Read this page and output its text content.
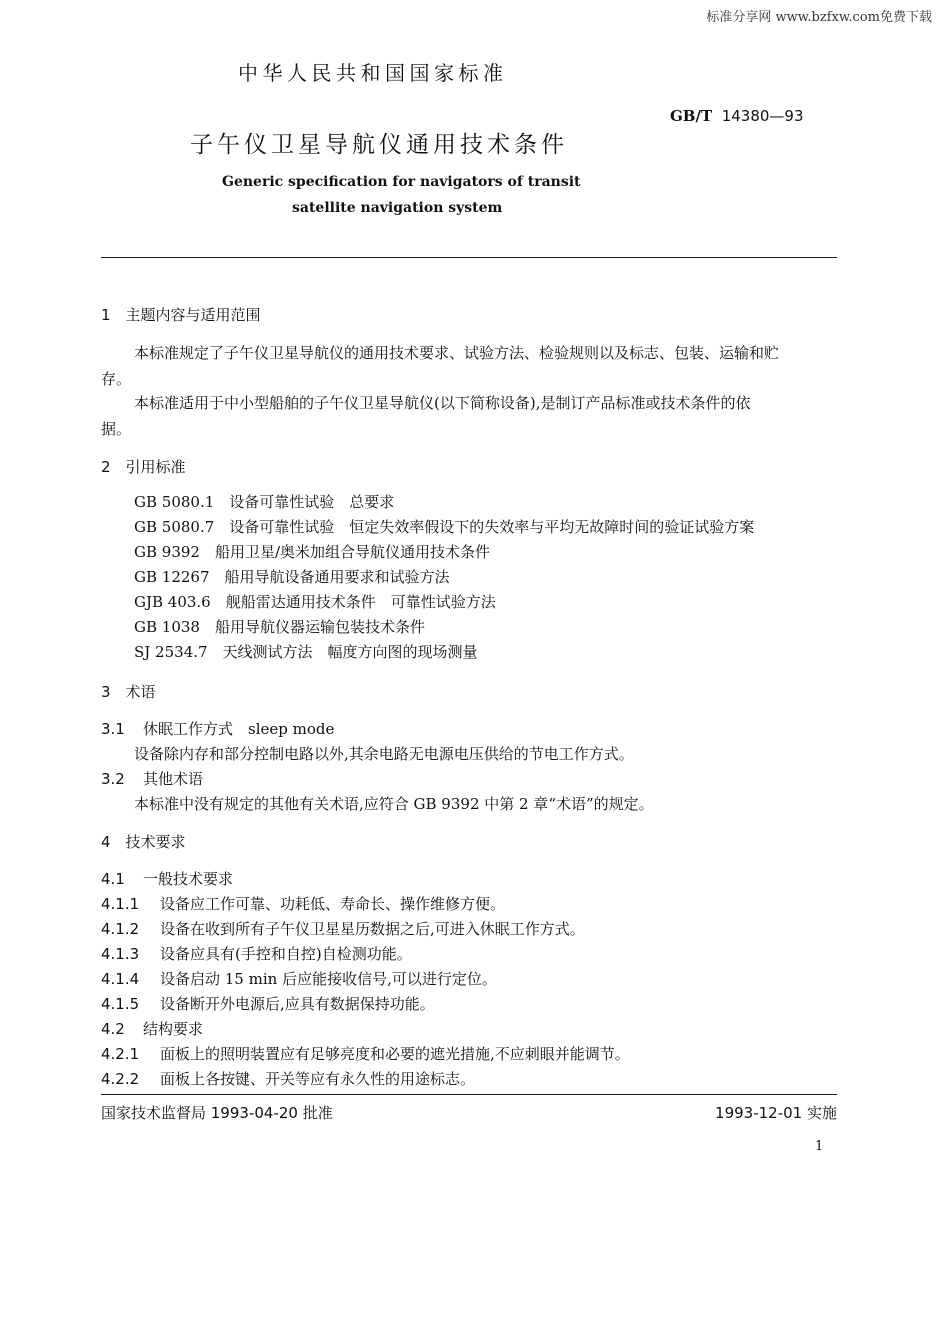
标准分享网 www.bzfxw.com免费下载
中华人民共和国国家标准
GB/T 14380—93
子午仪卫星导航仪通用技术条件
Generic specification for navigators of transit
satellite navigation system
1　主题内容与适用范围
本标准规定了子午仪卫星导航仪的通用技术要求、试验方法、检验规则以及标志、包装、运输和贮
存。
本标准适用于中小型船舶的子午仪卫星导航仪(以下简称设备),是制订产品标准或技术条件的依
据。
2　引用标准
GB 5080.1　设备可靠性试验　总要求
GB 5080.7　设备可靠性试验　恒定失效率假设下的失效率与平均无故障时间的验证试验方案
GB 9392　船用卫星/奥米加组合导航仪通用技术条件
GB 12267　船用导航设备通用要求和试验方法
GJB 403.6　舰船雷达通用技术条件　可靠性试验方法
GB 1038　船用导航仪器运输包装技术条件
SJ 2534.7　天线测试方法　幅度方向图的现场测量
3　术语
3.1 休眠工作方式　sleep mode
设备除内存和部分控制电路以外,其余电路无电源电压供给的节电工作方式。
3.2 其他术语
本标准中没有规定的其他有关术语,应符合 GB 9392 中第 2 章“术语”的规定。
4　技术要求
4.1 一般技术要求
4.1.1 设备应工作可靠、功耗低、寿命长、操作维修方便。
4.1.2 设备在收到所有子午仪卫星星历数据之后,可进入休眠工作方式。
4.1.3 设备应具有(手控和自控)自检测功能。
4.1.4 设备启动 15 min 后应能接收信号,可以进行定位。
4.1.5 设备断开外电源后,应具有数据保持功能。
4.2 结构要求
4.2.1 面板上的照明装置应有足够亮度和必要的遮光措施,不应刺眼并能调节。
4.2.2 面板上各按键、开关等应有永久性的用途标志。
国家技术监督局 1993-04-20 批准	1993-12-01 实施
1
